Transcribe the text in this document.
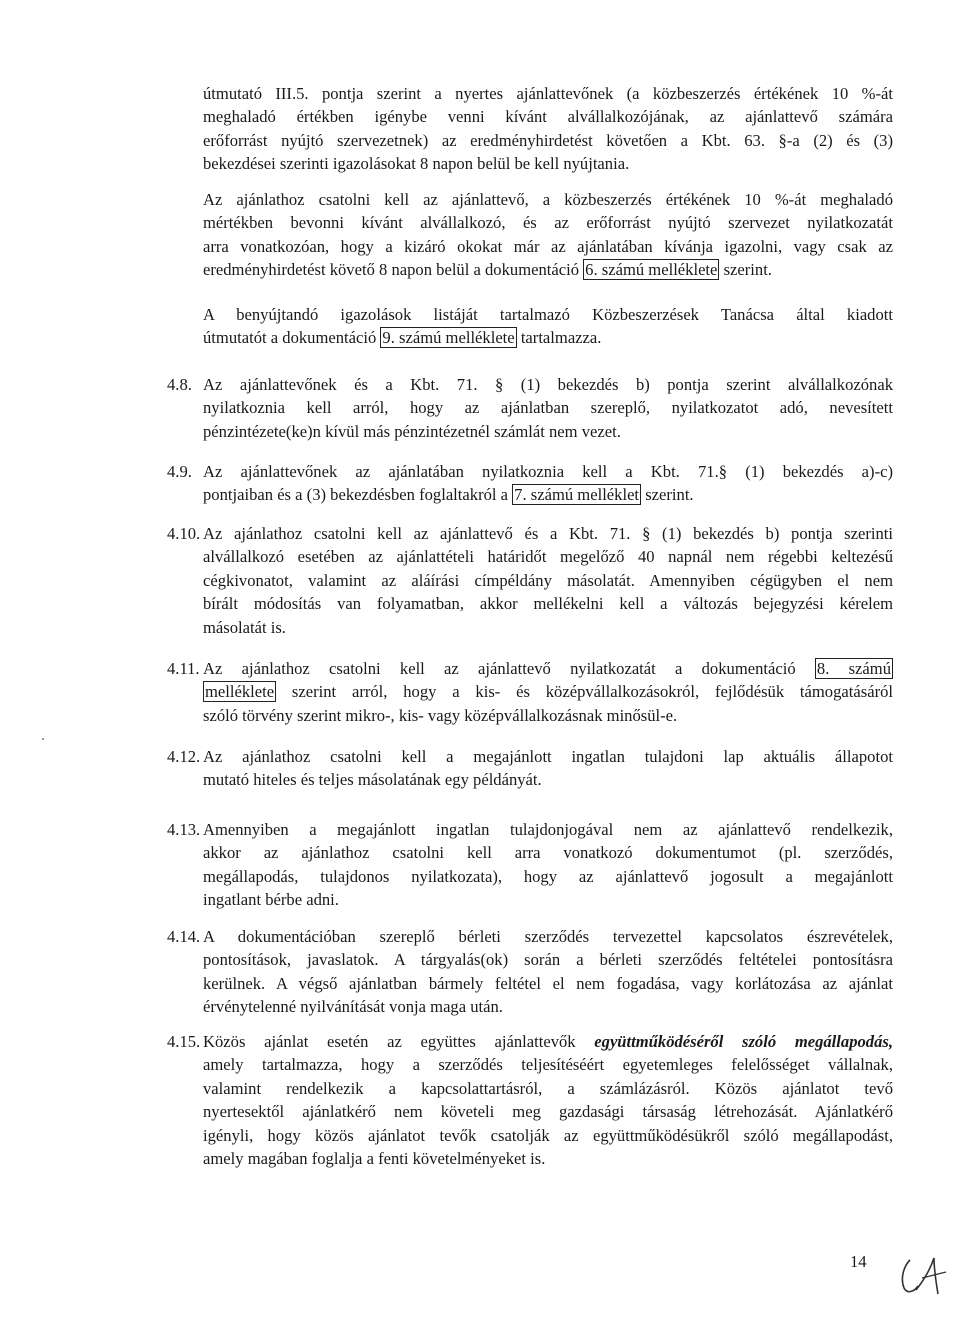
útmutató III.5. pontja szerint a nyertes ajánlattevőnek (a közbeszerzés értékének 10 %-át
meghaladó értékben igénybe venni kívánt alvállalkozójának, az ajánlattevő számára
erőforrást nyújtó szervezetnek) az eredményhirdetést követően a Kbt. 63. §-a (2) és (3)
bekezdései szerinti igazolásokat 8 napon belül be kell nyújtania.
Az ajánlathoz csatolni kell az ajánlattevő, a közbeszerzés értékének 10 %-át meghaladó
mértékben bevonni kívánt alvállalkozó, és az erőforrást nyújtó szervezet nyilatkozatát
arra vonatkozóan, hogy a kizáró okokat már az ajánlatában kívánja igazolni, vagy csak az
eredményhirdetést követő 8 napon belül a dokumentáció 6. számú melléklete szerint.
A benyújtandó igazolások listáját tartalmazó Közbeszerzések Tanácsa által kiadott
útmutatót a dokumentáció 9. számú melléklete tartalmazza.
4.8. Az ajánlattevőnek és a Kbt. 71. § (1) bekezdés b) pontja szerint alvállalkozónak
nyilatkoznia kell arról, hogy az ajánlatban szereplő, nyilatkozatot adó, nevesített
pénzintézete(ke)n kívül más pénzintézetnél számlát nem vezet.
4.9. Az ajánlattevőnek az ajánlatában nyilatkoznia kell a Kbt. 71.§ (1) bekezdés a)-c)
pontjaiban és a (3) bekezdésben foglaltakról a 7. számú melléklet szerint.
4.10. Az ajánlathoz csatolni kell az ajánlattevő és a Kbt. 71. § (1) bekezdés b) pontja szerinti
alvállalkozó esetében az ajánlattételi határidőt megelőző 40 napnál nem régebbi keltezésű
cégkivonatot, valamint az aláírási címpéldány másolatát. Amennyiben cégügyben el nem
bírált módosítás van folyamatban, akkor mellékelni kell a változás bejegyzési kérelem
másolatát is.
4.11. Az ajánlathoz csatolni kell az ajánlattevő nyilatkozatát a dokumentáció 8. számú
melléklete szerint arról, hogy a kis- és középvállalkozásokról, fejlődésük támogatásáról
szóló törvény szerint mikro-, kis- vagy középvállalkozásnak minősül-e.
4.12. Az ajánlathoz csatolni kell a megajánlott ingatlan tulajdoni lap aktuális állapotot
mutató hiteles és teljes másolatának egy példányát.
4.13. Amennyiben a megajánlott ingatlan tulajdonjogával nem az ajánlattevő rendelkezik,
akkor az ajánlathoz csatolni kell arra vonatkozó dokumentumot (pl. szerződés,
megállapodás, tulajdonos nyilatkozata), hogy az ajánlattevő jogosult a megajánlott
ingatlant bérbe adni.
4.14. A dokumentációban szereplő bérleti szerződés tervezettel kapcsolatos észrevételek,
pontosítások, javaslatok. A tárgyalás(ok) során a bérleti szerződés feltételei pontosításra
kerülnek. A végső ajánlatban bármely feltétel el nem fogadása, vagy korlátozása az ajánlat
érvénytelenné nyilvánítását vonja maga után.
4.15. Közös ajánlat esetén az együttes ajánlattevők együttműködéséről szóló megállapodás,
amely tartalmazza, hogy a szerződés teljesítéséért egyetemleges felelősséget vállalnak,
valamint rendelkezik a kapcsolattartásról, a számlázásról. Közös ajánlatot tevő
nyertesektől ajánlatkérő nem követeli meg gazdasági társaság létrehozását. Ajánlatkérő
igényli, hogy közös ajánlatot tevők csatolják az együttműködésükről szóló megállapodást,
amely magában foglalja a fenti követelményeket is.
14
